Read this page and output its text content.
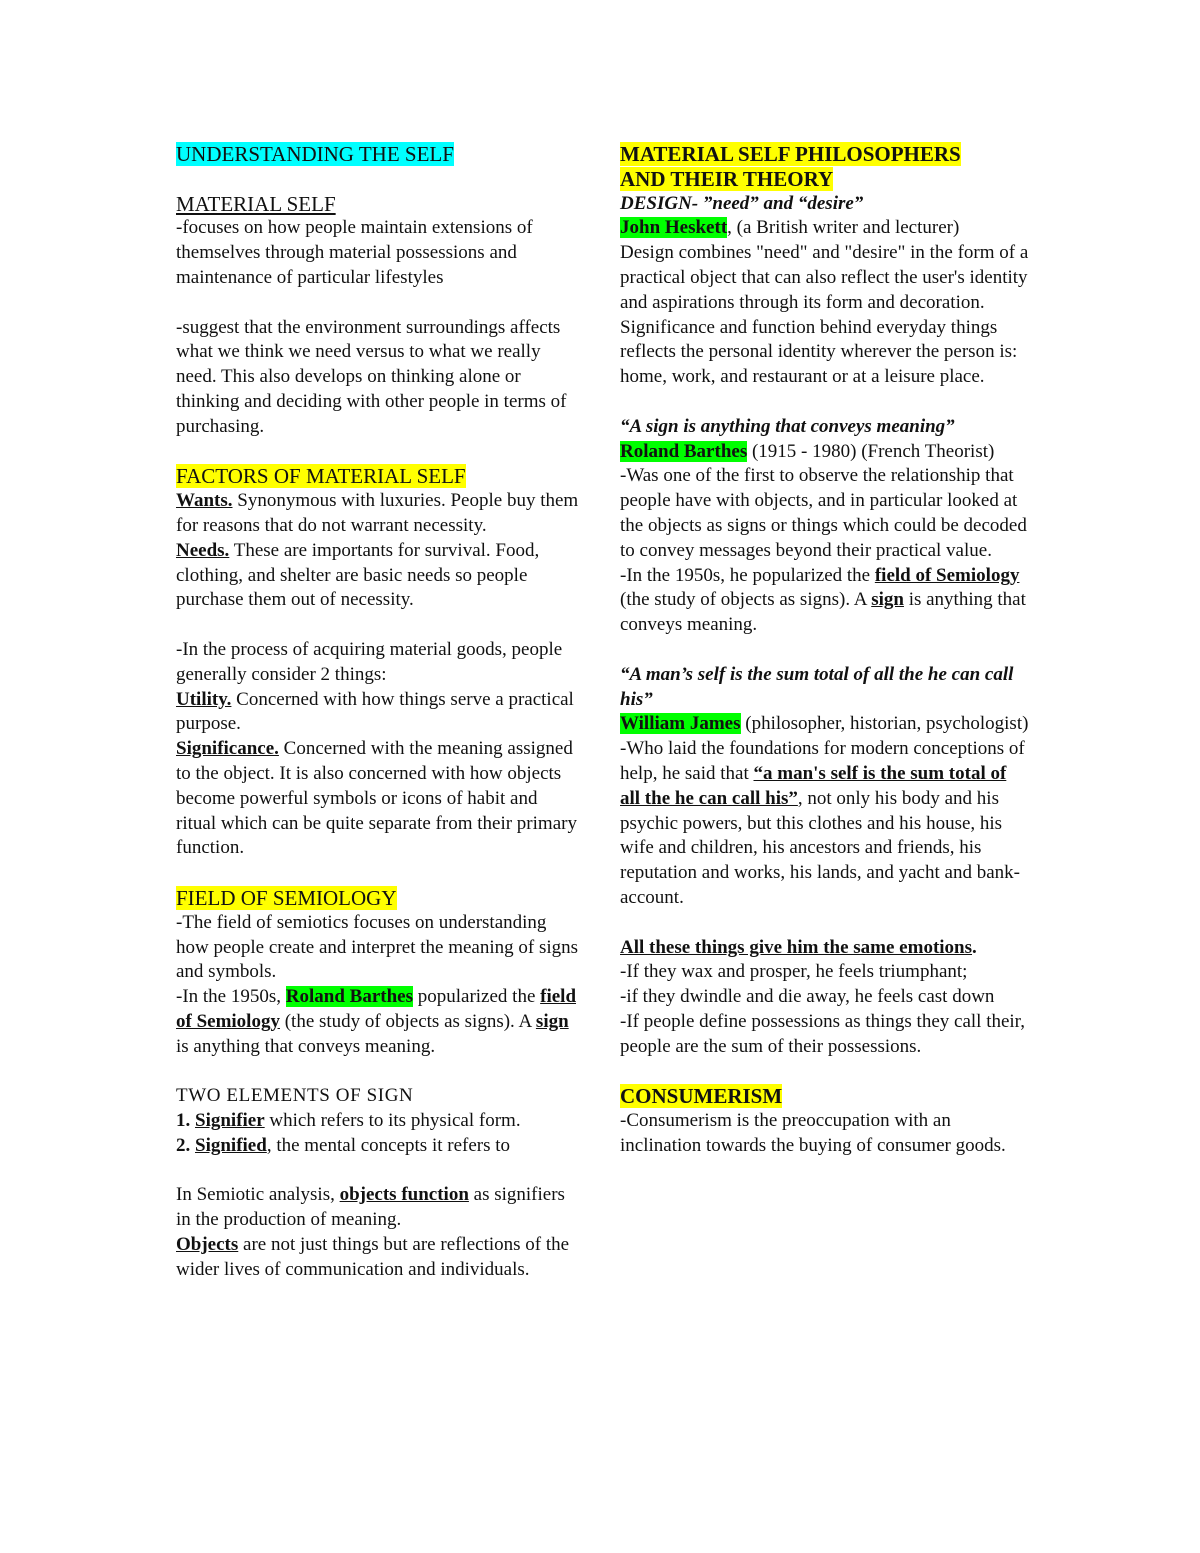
UNDERSTANDING THE SELF

MATERIAL SELF

-focuses on how people maintain extensions of themselves through material possessions and maintenance of particular lifestyles

-suggest that the environment surroundings affects what we think we need versus to what we really need. This also develops on thinking alone or thinking and deciding with other people in terms of purchasing.

FACTORS OF MATERIAL SELF

Wants. Synonymous with luxuries. People buy them for reasons that do not warrant necessity.

Needs. These are importants for survival. Food, clothing, and shelter are basic needs so people purchase them out of necessity.

-In the process of acquiring material goods, people generally consider 2 things:

Utility. Concerned with how things serve a practical purpose.

Significance. Concerned with the meaning assigned to the object. It is also concerned with how objects become powerful symbols or icons of habit and ritual which can be quite separate from their primary function.

FIELD OF SEMIOLOGY

-The field of semiotics focuses on understanding how people create and interpret the meaning of signs and symbols.

-In the 1950s, Roland Barthes popularized the field of Semiology (the study of objects as signs). A sign is anything that conveys meaning.

TWO ELEMENTS OF SIGN

1. Signifier which refers to its physical form.

2. Signified, the mental concepts it refers to

In Semiotic analysis, objects function as signifiers in the production of meaning.

Objects are not just things but are reflections of the wider lives of communication and individuals.

MATERIAL SELF PHILOSOPHERS
AND THEIR THEORY

DESIGN- ”need” and “desire”

John Heskett, (a British writer and lecturer)

Design combines "need" and "desire" in the form of a practical object that can also reflect the user's identity and aspirations through its form and decoration.

Significance and function behind everyday things reflects the personal identity wherever the person is: home, work, and restaurant or at a leisure place.

“A sign is anything that conveys meaning”

Roland Barthes (1915 - 1980) (French Theorist)

-Was one of the first to observe the relationship that people have with objects, and in particular looked at the objects as signs or things which could be decoded to convey messages beyond their practical value.

-In the 1950s, he popularized the field of Semiology (the study of objects as signs). A sign is anything that conveys meaning.

“A man’s self is the sum total of all the he can call his”

William James (philosopher, historian, psychologist)

-Who laid the foundations for modern conceptions of help, he said that “a man's self is the sum total of all the he can call his”, not only his body and his psychic powers, but this clothes and his house, his wife and children, his ancestors and friends, his reputation and works, his lands, and yacht and bank-account.

All these things give him the same emotions.

-If they wax and prosper, he feels triumphant;

-if they dwindle and die away, he feels cast down

-If people define possessions as things they call their, people are the sum of their possessions.

CONSUMERISM

-Consumerism is the preoccupation with an inclination towards the buying of consumer goods.
